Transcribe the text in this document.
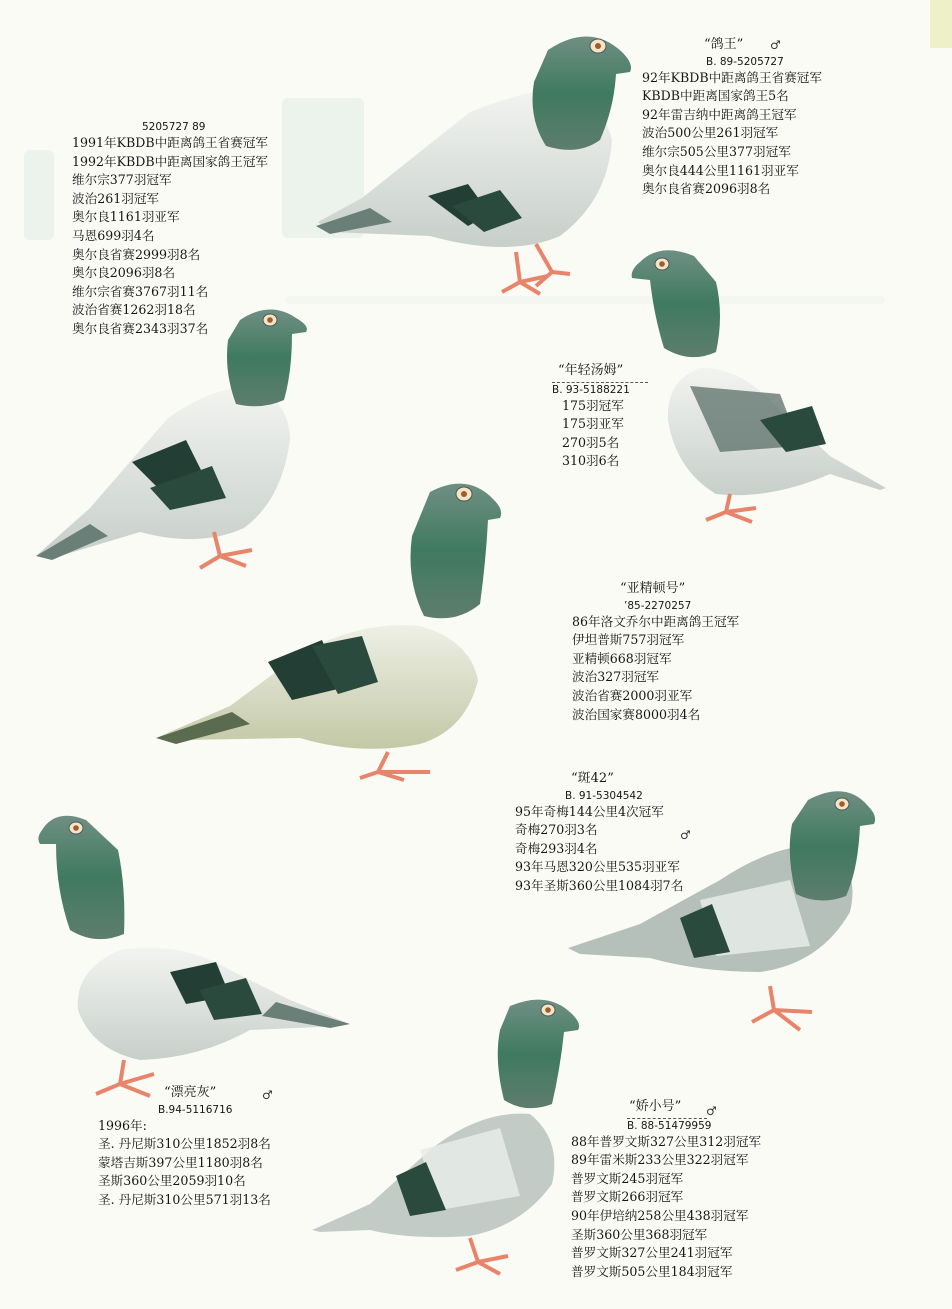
“鸽王”
B. 89-5205727
92年KBDB中距离鸽王省赛冠军
KBDB中距离国家鸽王5名
92年雷吉纳中距离鸽王冠军
波治500公里261羽冠军
维尔宗505公里377羽冠军
奥尔良444公里1161羽亚军
奥尔良省赛2096羽8名
♂
5205727 89
1991年KBDB中距离鸽王省赛冠军
1992年KBDB中距离国家鸽王冠军
维尔宗377羽冠军
波治261羽冠军
奥尔良1161羽亚军
马恩699羽4名
奥尔良省赛2999羽8名
奥尔良2096羽8名
维尔宗省赛3767羽11名
波治省赛1262羽18名
奥尔良省赛2343羽37名
“年轻汤姆”
B. 93-5188221
175羽冠军
175羽亚军
270羽5名
310羽6名
“亚精顿号”
’85-2270257
86年洛文乔尔中距离鸽王冠军
伊坦普斯757羽冠军
亚精顿668羽冠军
波治327羽冠军
波治省赛2000羽亚军
波治国家赛8000羽4名
“斑42”
B. 91-5304542
95年奇梅144公里4次冠军
奇梅270羽3名
奇梅293羽4名
93年马恩320公里535羽亚军
93年圣斯360公里1084羽7名
♂
“漂亮灰”
B.94-5116716
1996年:
圣. 丹尼斯310公里1852羽8名
蒙塔吉斯397公里1180羽8名
圣斯360公里2059羽10名
圣. 丹尼斯310公里571羽13名
♂
“娇小号”
B. 88-51479959
88年普罗文斯327公里312羽冠军
89年雷米斯233公里322羽冠军
普罗文斯245羽冠军
普罗文斯266羽冠军
90年伊培纳258公里438羽冠军
圣斯360公里368羽冠军
普罗文斯327公里241羽冠军
普罗文斯505公里184羽冠军
♂
